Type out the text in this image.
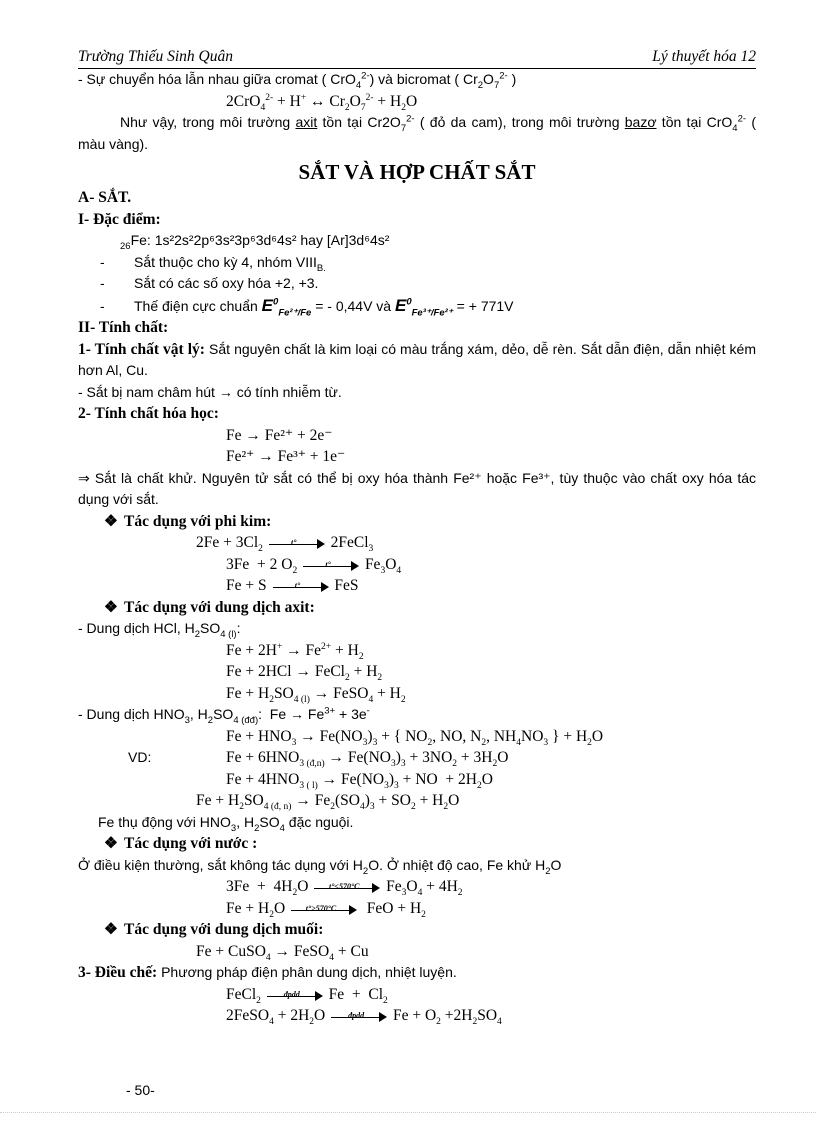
Trường Thiếu Sinh Quân	Lý thuyết hóa 12

- Sự chuyển hóa lẫn nhau giữa cromat ( CrO$_4^{2-}$) và bicromat ( $Cr_2O_7^{2-}$ )

2CrO$_4^{2-}$ + H+ ↔ $Cr_2O_7^{2-} + H_2O$

Như vậy, trong môi trường axit tồn tại $Cr2O_7^{2-}$ ( đỏ da cam), trong môi trường bazơ tồn tại CrO$_4^{2-}$ ( màu vàng).

SẮT VÀ HỢP CHẤT SẮT

A- SẮT.

I- Đặc điểm:

$_{26}$Fe: 1s²2s²2p⁶3s²3p⁶3d⁶4s² hay [Ar]3d⁶4s²

- Sắt thuộc cho kỳ 4, nhóm $VIII_{B.}$

- Sắt có các số oxy hóa +2, +3.

- Thế điện cực chuẩn $E^0_{Fe^{2+}/Fe}$ = - 0,44V và $E^0_{Fe^{3+}/Fe^{2+}}$ = + 771V

II- Tính chất:

1- Tính chất vật lý: Sắt nguyên chất là kim loại có màu trắng xám, dẻo, dễ rèn. Sắt dẫn điện, dẫn nhiệt kém hơn Al, Cu.

- Sắt bị nam châm hút → có tính nhiễm từ.

2- Tính chất hóa học:

Fe → Fe²⁺ + 2e⁻

Fe²⁺ → Fe³⁺ + 1e⁻

⇒ Sắt là chất khử. Nguyên tử sắt có thể bị oxy hóa thành Fe²⁺ hoặc Fe³⁺, tùy thuộc vào chất oxy hóa tác dụng với sắt.

❖ Tác dụng với phi kim:

$2Fe + 3Cl_2$
t°	2FeCl$_3$

3Fe  + 2 $O_2$
t°	$Fe_3O_4$

Fe + S	t°	FeS

❖ Tác dụng với dung dịch axit:

- Dung dịch HCl, $H_2SO_{4 (l)}$:

$Fe + 2H^+ \to Fe^{2+} + H_2$

Fe + 2HCl → FeCl$_2$ + $H_2$

$Fe + H_2SO_{4 (l)}$ → FeSO$_4$ + $H_2$

- Dung dịch $HNO_3$, $H_2SO_{4 (đđ)}$:  $Fe \to Fe^{3+} + 3e^-$

$Fe + HNO_3 \to Fe(NO_3)_3$ + { $NO_2$, NO, $N_2$, $NH_4NO_3$ } + $H_2O$

VD:	$Fe + 6HNO_{3 (đ,n)} \to Fe(NO_3)_3 + 3NO_2 + 3H_2O$

$Fe + 4HNO_{3 ( l)} \to Fe(NO_3)_3$ + NO  + $2H_2O$

$Fe + H_2SO_{4 (đ, n)} \to Fe_2(SO_4)_3 + SO_2 + H_2O$

Fe thụ động với $HNO_3$, $H_2SO_4$ đặc nguội.

❖ Tác dụng với nước :

Ở điều kiện thường, sắt không tác dụng với $H_2O$. Ở nhiệt độ cao, Fe khử $H_2O$

$3Fe + 4H_2O$	t°<570°C	$Fe_3O_4 + 4H_2$

$Fe + H_2O$	t°>570°C	FeO + $H_2$

❖ Tác dụng với dung dịch muối:

Fe + CuSO$_4$ → FeSO$_4$ + Cu

3- Điều chế: Phương pháp điện phân dung dịch, nhiệt luyện.

FeCl$_2$
đpdd	$Fe + Cl_2$

2FeSO$_4$ + $2H_2O$	đpdd	$Fe + O_2 +2H_2SO_4$

- 50-
